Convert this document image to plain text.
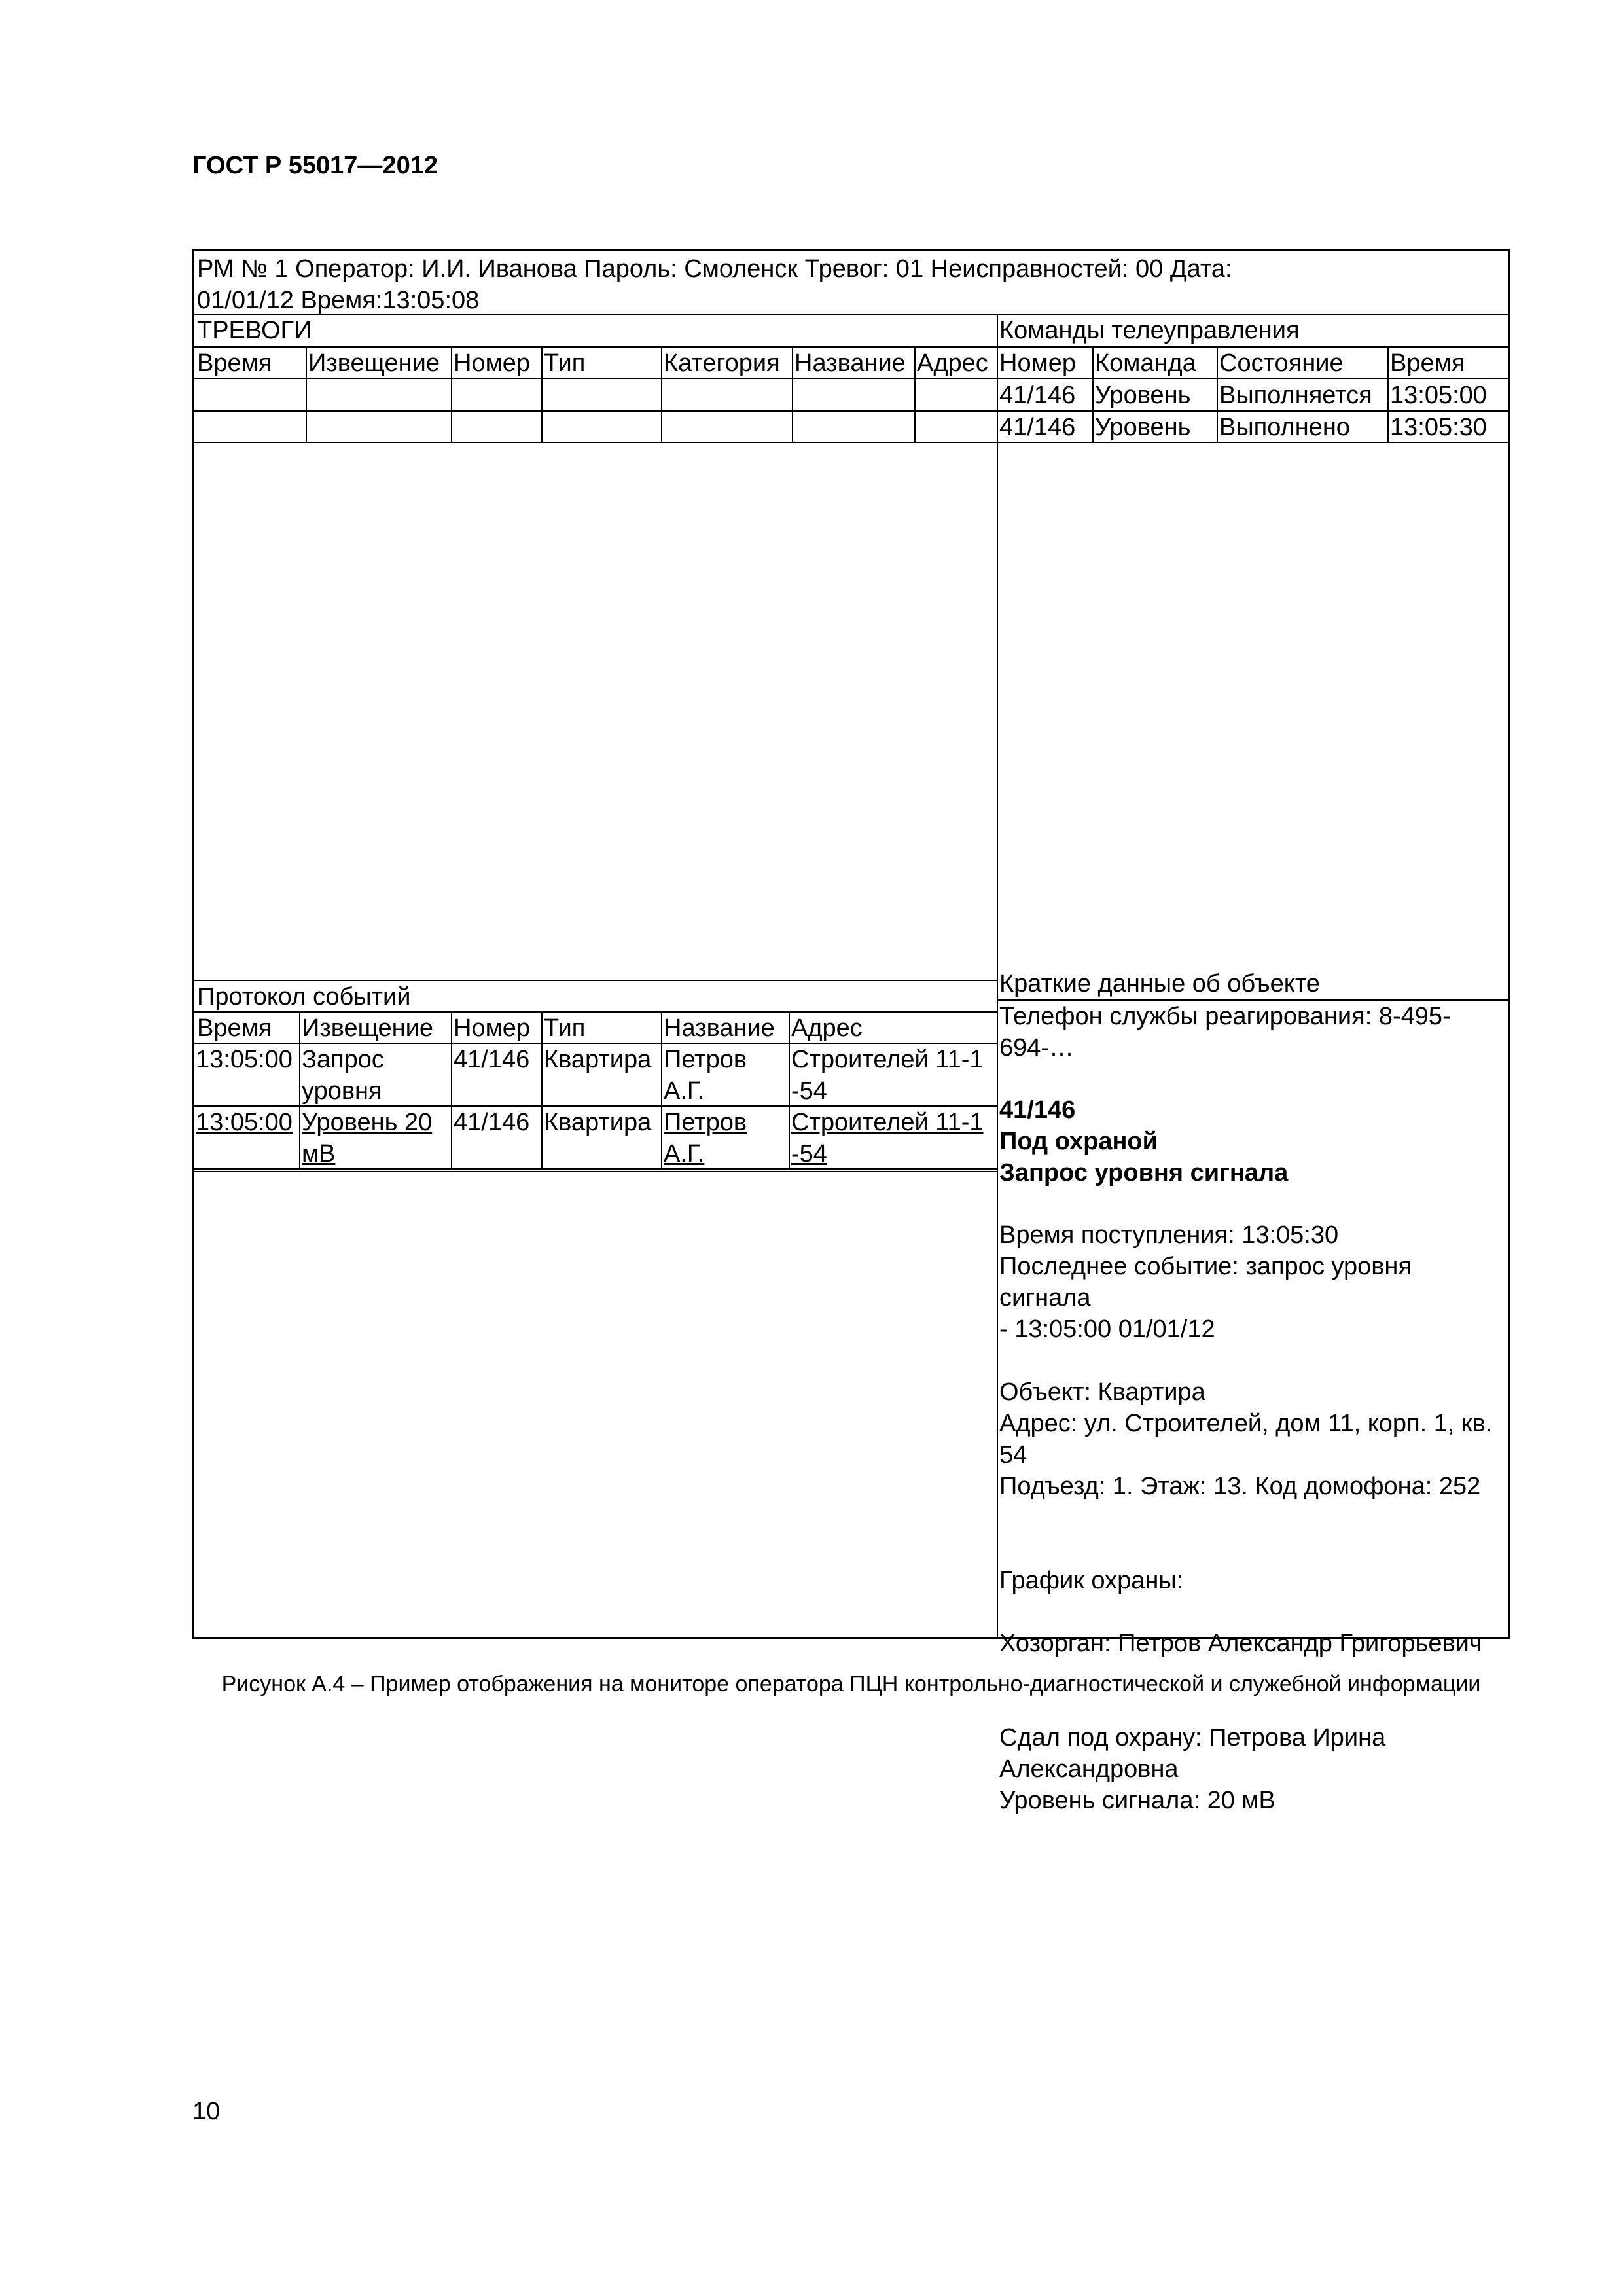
ГОСТ Р 55017—2012
РМ № 1 Оператор: И.И. Иванова Пароль: Смоленск Тревог: 01 Неисправностей: 00 Дата:
01/01/12 Время:13:05:08
ТРЕВОГИ
Время Извещение Номер Тип	Категория Название Адрес
Команды телеуправления
Номер Команда Состояние Время
41/146 Уровень Выполняется 13:05:00
41/146 Уровень Выполнено 13:05:30
Краткие данные об объекте
Телефон службы реагирования: 8-495-694-…
41/146
Под охраной
Запрос уровня сигнала
Время поступления: 13:05:30
Последнее событие: запрос уровня сигнала
- 13:05:00 01/01/12
Объект: Квартира
Адрес: ул. Строителей, дом 11, корп. 1, кв. 54
Подъезд: 1. Этаж: 13. Код домофона: 252
График охраны:
Хозорган: Петров Александр Григорьевич
Сдал под охрану: Петрова Ирина Александровна
Уровень сигнала: 20 мВ
Протокол событий
Время Извещение Номер Тип	Название Адрес
13:05:00 Запрос уровня
41/146 Квартира Петров А.Г.
Строителей 11-1-54
13:05:00 Уровень 20 мВ
41/146 Квартира Петров А.Г.
Строителей 11-1-54
Рисунок А.4 – Пример отображения на мониторе оператора ПЦН контрольно-диагностической и служебной информации
10
